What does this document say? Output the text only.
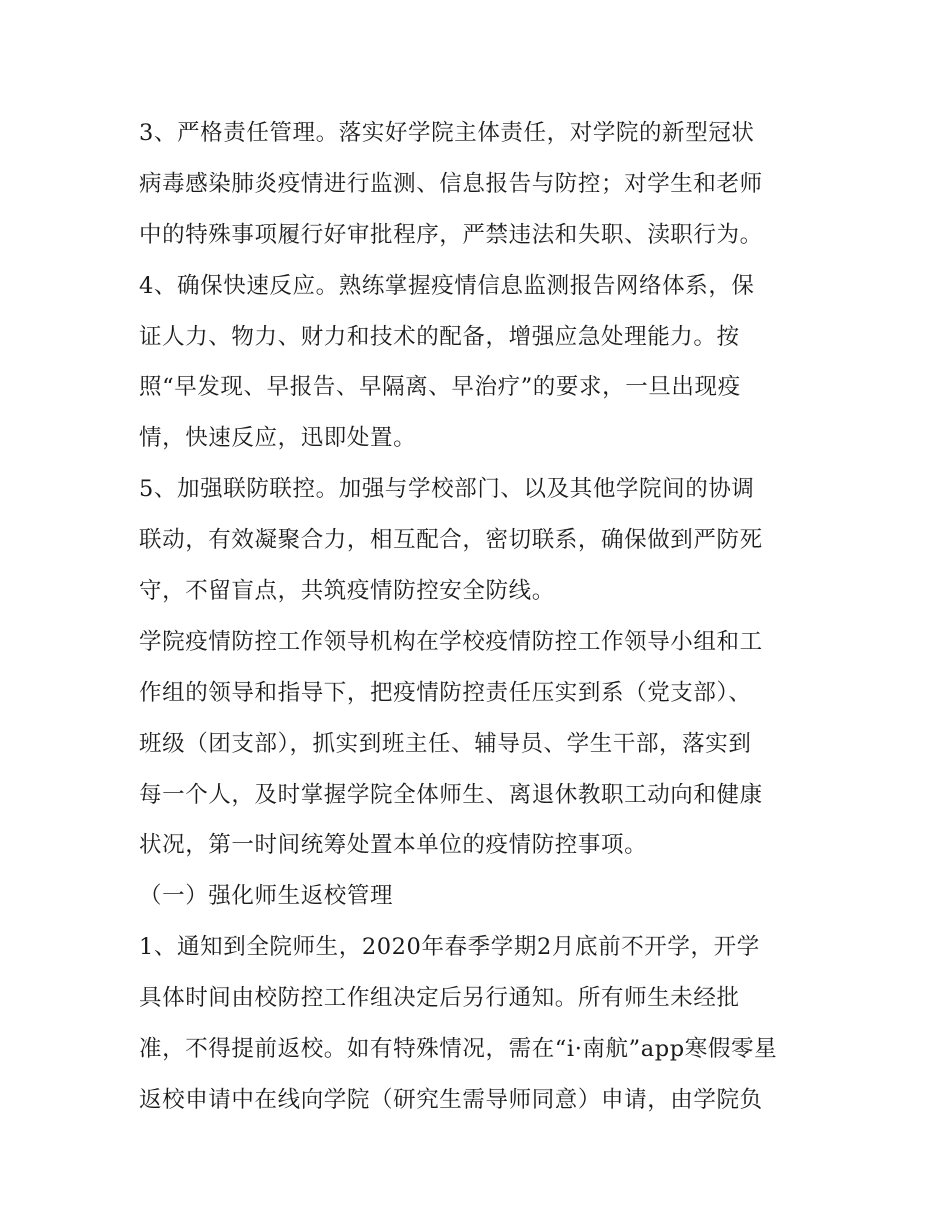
3、严格责任管理。落实好学院主体责任，对学院的新型冠状
病毒感染肺炎疫情进行监测、信息报告与防控；对学生和老师
中的特殊事项履行好审批程序，严禁违法和失职、渎职行为。
4、确保快速反应。熟练掌握疫情信息监测报告网络体系，保
证人力、物力、财力和技术的配备，增强应急处理能力。按
照“早发现、早报告、早隔离、早治疗”的要求，一旦出现疫
情，快速反应，迅即处置。
5、加强联防联控。加强与学校部门、以及其他学院间的协调
联动，有效凝聚合力，相互配合，密切联系，确保做到严防死
守，不留盲点，共筑疫情防控安全防线。
学院疫情防控工作领导机构在学校疫情防控工作领导小组和工
作组的领导和指导下，把疫情防控责任压实到系（党支部）、
班级（团支部），抓实到班主任、辅导员、学生干部，落实到
每一个人，及时掌握学院全体师生、离退休教职工动向和健康
状况，第一时间统筹处置本单位的疫情防控事项。
（一）强化师生返校管理
1、通知到全院师生，2020年春季学期2月底前不开学，开学
具体时间由校防控工作组决定后另行通知。所有师生未经批
准，不得提前返校。如有特殊情况，需在“i·南航”app寒假零星
返校申请中在线向学院（研究生需导师同意）申请，由学院负
